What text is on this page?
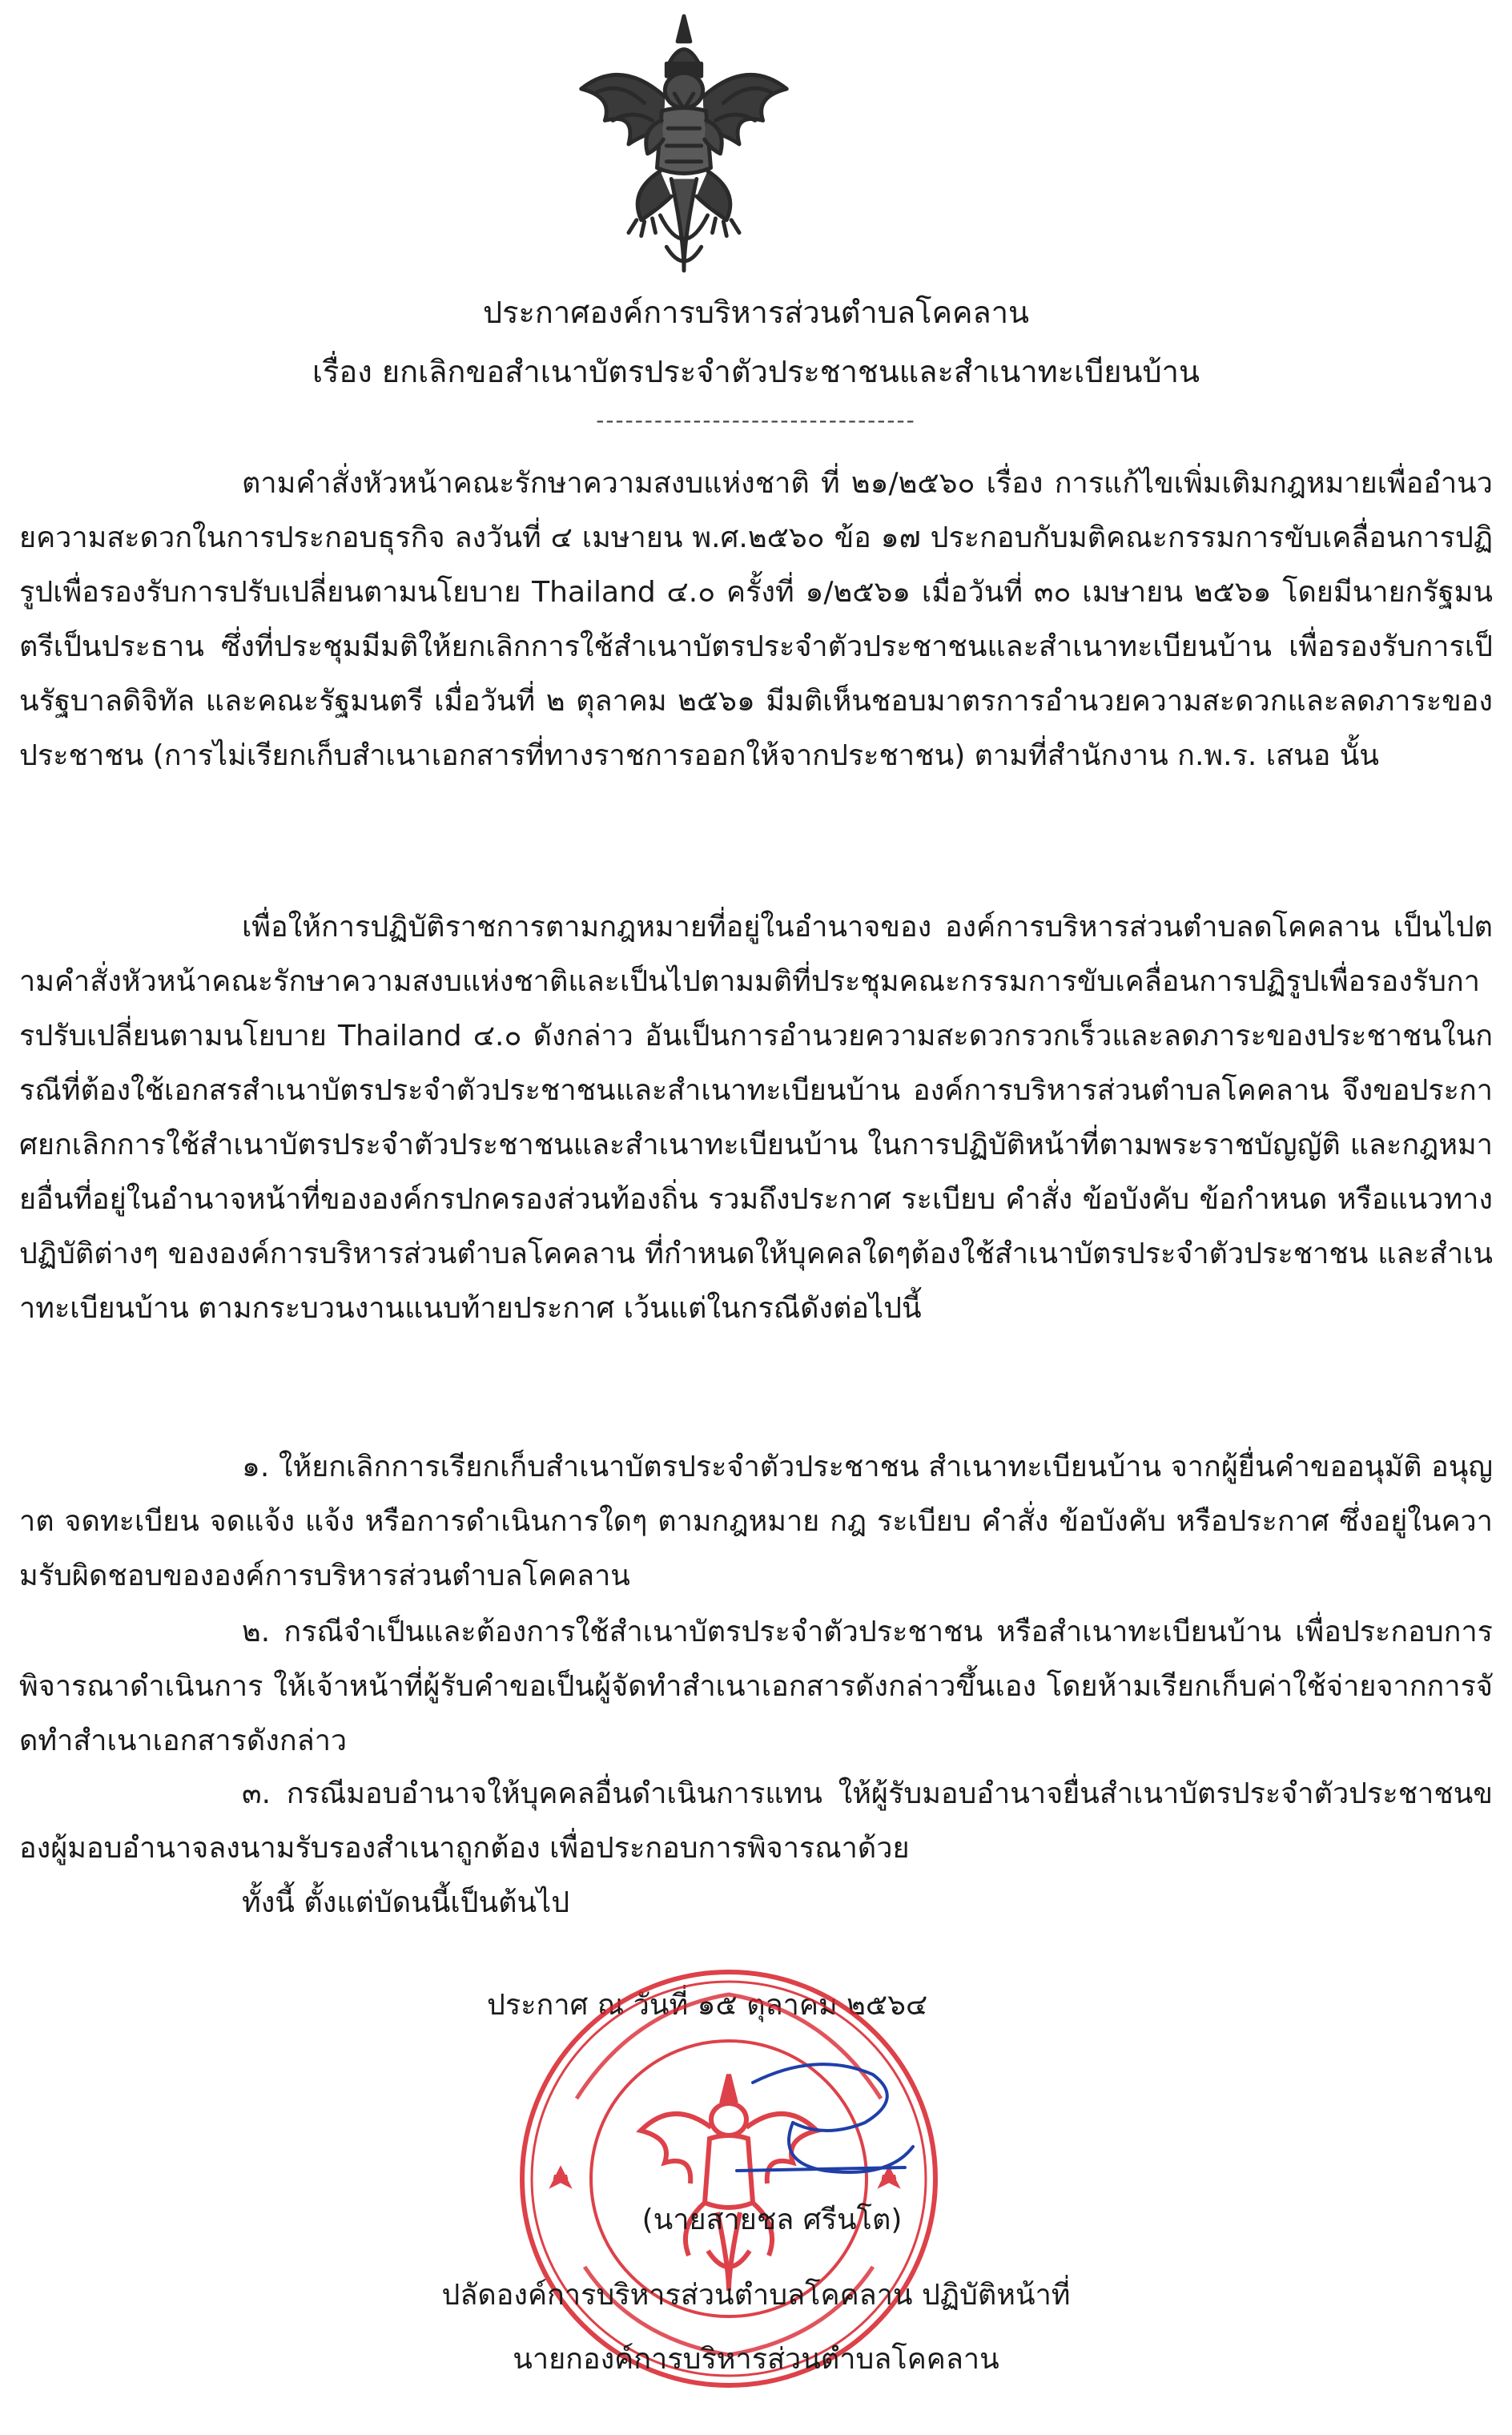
ประกาศองค์การบริหารส่วนตำบลโคคลาน
เรื่อง ยกเลิกขอสำเนาบัตรประจำตัวประชาชนและสำเนาทะเบียนบ้าน
---------------------------------

ตามคำสั่งหัวหน้าคณะรักษาความสงบแห่งชาติ ที่ ๒๑/๒๕๖๐ เรื่อง การแก้ไขเพิ่มเติมกฎหมายเพื่ออำนวยความสะดวกในการประกอบธุรกิจ ลงวันที่ ๔ เมษายน พ.ศ.๒๕๖๐ ข้อ ๑๗ ประกอบกับมติคณะกรรมการขับเคลื่อนการปฏิรูปเพื่อรองรับการปรับเปลี่ยนตามนโยบาย Thailand ๔.๐ ครั้งที่ ๑/๒๕๖๑ เมื่อวันที่ ๓๐ เมษายน ๒๕๖๑ โดยมีนายกรัฐมนตรีเป็นประธาน ซึ่งที่ประชุมมีมติให้ยกเลิกการใช้สำเนาบัตรประจำตัวประชาชนและสำเนาทะเบียนบ้าน เพื่อรองรับการเป็นรัฐบาลดิจิทัล และคณะรัฐมนตรี เมื่อวันที่ ๒ ตุลาคม ๒๕๖๑ มีมติเห็นชอบมาตรการอำนวยความสะดวกและลดภาระของประชาชน (การไม่เรียกเก็บสำเนาเอกสารที่ทางราชการออกให้จากประชาชน) ตามที่สำนักงาน ก.พ.ร. เสนอ นั้น

เพื่อให้การปฏิบัติราชการตามกฎหมายที่อยู่ในอำนาจของ องค์การบริหารส่วนตำบลดโคคลาน เป็นไปตามคำสั่งหัวหน้าคณะรักษาความสงบแห่งชาติและเป็นไปตามมติที่ประชุมคณะกรรมการขับเคลื่อนการปฏิรูปเพื่อรองรับการปรับเปลี่ยนตามนโยบาย Thailand ๔.๐ ดังกล่าว อันเป็นการอำนวยความสะดวกรวกเร็วและลดภาระของประชาชนในกรณีที่ต้องใช้เอกสรสำเนาบัตรประจำตัวประชาชนและสำเนาทะเบียนบ้าน องค์การบริหารส่วนตำบลโคคลาน จึงขอประกาศยกเลิกการใช้สำเนาบัตรประจำตัวประชาชนและสำเนาทะเบียนบ้าน ในการปฏิบัติหน้าที่ตามพระราชบัญญัติ และกฎหมายอื่นที่อยู่ในอำนาจหน้าที่ขององค์กรปกครองส่วนท้องถิ่น รวมถึงประกาศ ระเบียบ คำสั่ง ข้อบังคับ ข้อกำหนด หรือแนวทางปฏิบัติต่างๆ ขององค์การบริหารส่วนตำบลโคคลาน ที่กำหนดให้บุคคลใดๆต้องใช้สำเนาบัตรประจำตัวประชาชน และสำเนาทะเบียนบ้าน ตามกระบวนงานแนบท้ายประกาศ เว้นแต่ในกรณีดังต่อไปนี้

๑. ให้ยกเลิกการเรียกเก็บสำเนาบัตรประจำตัวประชาชน สำเนาทะเบียนบ้าน จากผู้ยื่นคำขออนุมัติ อนุญาต จดทะเบียน จดแจ้ง แจ้ง หรือการดำเนินการใดๆ ตามกฎหมาย กฎ ระเบียบ คำสั่ง ข้อบังคับ หรือประกาศ ซึ่งอยู่ในความรับผิดชอบขององค์การบริหารส่วนตำบลโคคลาน

๒. กรณีจำเป็นและต้องการใช้สำเนาบัตรประจำตัวประชาชน หรือสำเนาทะเบียนบ้าน เพื่อประกอบการพิจารณาดำเนินการ ให้เจ้าหน้าที่ผู้รับคำขอเป็นผู้จัดทำสำเนาเอกสารดังกล่าวขึ้นเอง โดยห้ามเรียกเก็บค่าใช้จ่ายจากการจัดทำสำเนาเอกสารดังกล่าว

๓. กรณีมอบอำนาจให้บุคคลอื่นดำเนินการแทน ให้ผู้รับมอบอำนาจยื่นสำเนาบัตรประจำตัวประชาชนของผู้มอบอำนาจลงนามรับรองสำเนาถูกต้อง เพื่อประกอบการพิจารณาด้วย

ทั้งนี้ ตั้งแต่บัดนนี้เป็นต้นไป
ประกาศ ณ วันที่ ๑๕ ตุลาคม ๒๕๖๔
(นายสายชล ศรีนโต)
ปลัดองค์การบริหารส่วนตำบลโคคลาน ปฏิบัติหน้าที่
นายกองค์การบริหารส่วนตำบลโคคลาน
